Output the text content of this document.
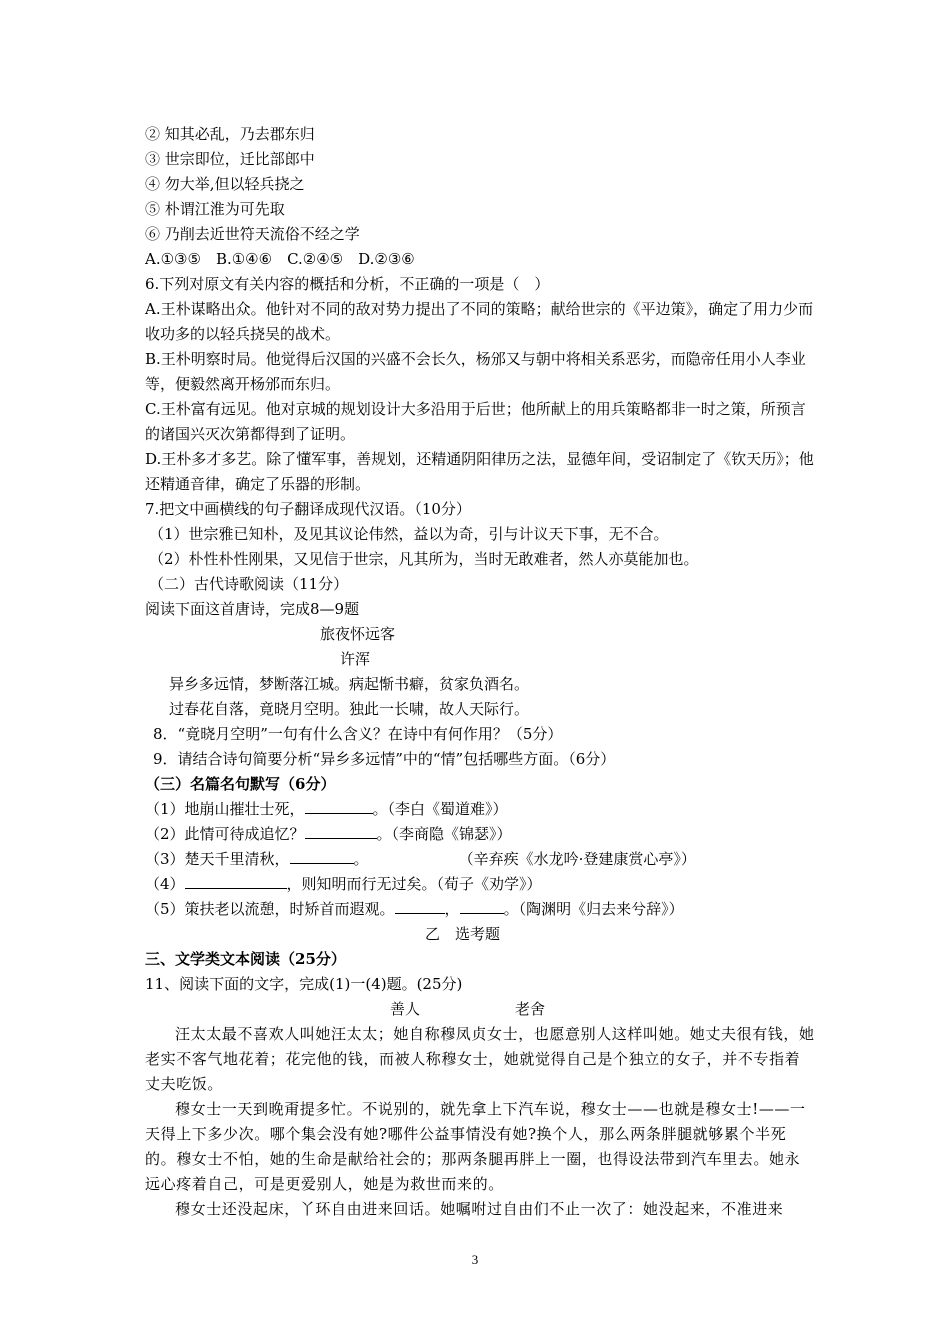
② 知其必乱，乃去郡东归
③ 世宗即位，迁比部郎中
④ 勿大举,但以轻兵挠之
⑤ 朴谓江淮为可先取
⑥ 乃削去近世符天流俗不经之学
A.①③⑤　B.①④⑥　C.②④⑤　D.②③⑥
6.下列对原文有关内容的概括和分析，不正确的一项是（　）
A.王朴谋略出众。他针对不同的敌对势力提出了不同的策略；献给世宗的《平边策》，确定了用力少而收功多的以轻兵挠吴的战术。
B.王朴明察时局。他觉得后汉国的兴盛不会长久，杨邠又与朝中将相关系恶劣，而隐帝任用小人李业等，便毅然离开杨邠而东归。
C.王朴富有远见。他对京城的规划设计大多沿用于后世；他所献上的用兵策略都非一时之策，所预言的诸国兴灭次第都得到了证明。
D.王朴多才多艺。除了懂军事，善规划，还精通阴阳律历之法，显德年间，受诏制定了《钦天历》；他还精通音律，确定了乐器的形制。
7.把文中画横线的句子翻译成现代汉语。（10分）
（1）世宗雅已知朴，及见其议论伟然，益以为奇，引与计议天下事，无不合。
（2）朴性朴性刚果，又见信于世宗，凡其所为，当时无敢难者，然人亦莫能加也。
（二）古代诗歌阅读（11分）
阅读下面这首唐诗，完成8—9题
旅夜怀远客
许浑
异乡多远情，梦断落江城。病起惭书癖，贫家负酒名。
过春花自落，竟晓月空明。独此一长啸，故人天际行。
8．“竟晓月空明”一句有什么含义？在诗中有何作用？（5分）
9．请结合诗句简要分析“异乡多远情”中的“情”包括哪些方面。（6分）
（三）名篇名句默写（6分）
（1）地崩山摧壮士死，	。（李白《蜀道难》）
（2）此情可待成追忆？	。（李商隐《锦瑟》）
（3）楚天千里清秋，	。	（辛弃疾《水龙吟·登建康赏心亭》）
（4）	，则知明而行无过矣。（荀子《劝学》）
（5）策扶老以流憩，时矫首而遐观。	，	。（陶渊明《归去来兮辞》）
乙　选考题
三、文学类文本阅读（25分）
11、阅读下面的文字，完成(1)一(4)题。(25分)
善人	老舍
汪太太最不喜欢人叫她汪太太；她自称穆凤贞女士，也愿意别人这样叫她。她丈夫很有钱，她老实不客气地花着；花完他的钱，而被人称穆女士，她就觉得自己是个独立的女子，并不专指着丈夫吃饭。
穆女士一天到晚甭提多忙。不说别的，就先拿上下汽车说，穆女士——也就是穆女士!——一天得上下多少次。哪个集会没有她?哪件公益事情没有她?换个人，那么两条胖腿就够累个半死的。穆女士不怕，她的生命是献给社会的；那两条腿再胖上一圈，也得设法带到汽车里去。她永远心疼着自己，可是更爱别人，她是为救世而来的。
穆女士还没起床，丫环自由进来回话。她嘱咐过自由们不止一次了：她没起来，不准进来
3
